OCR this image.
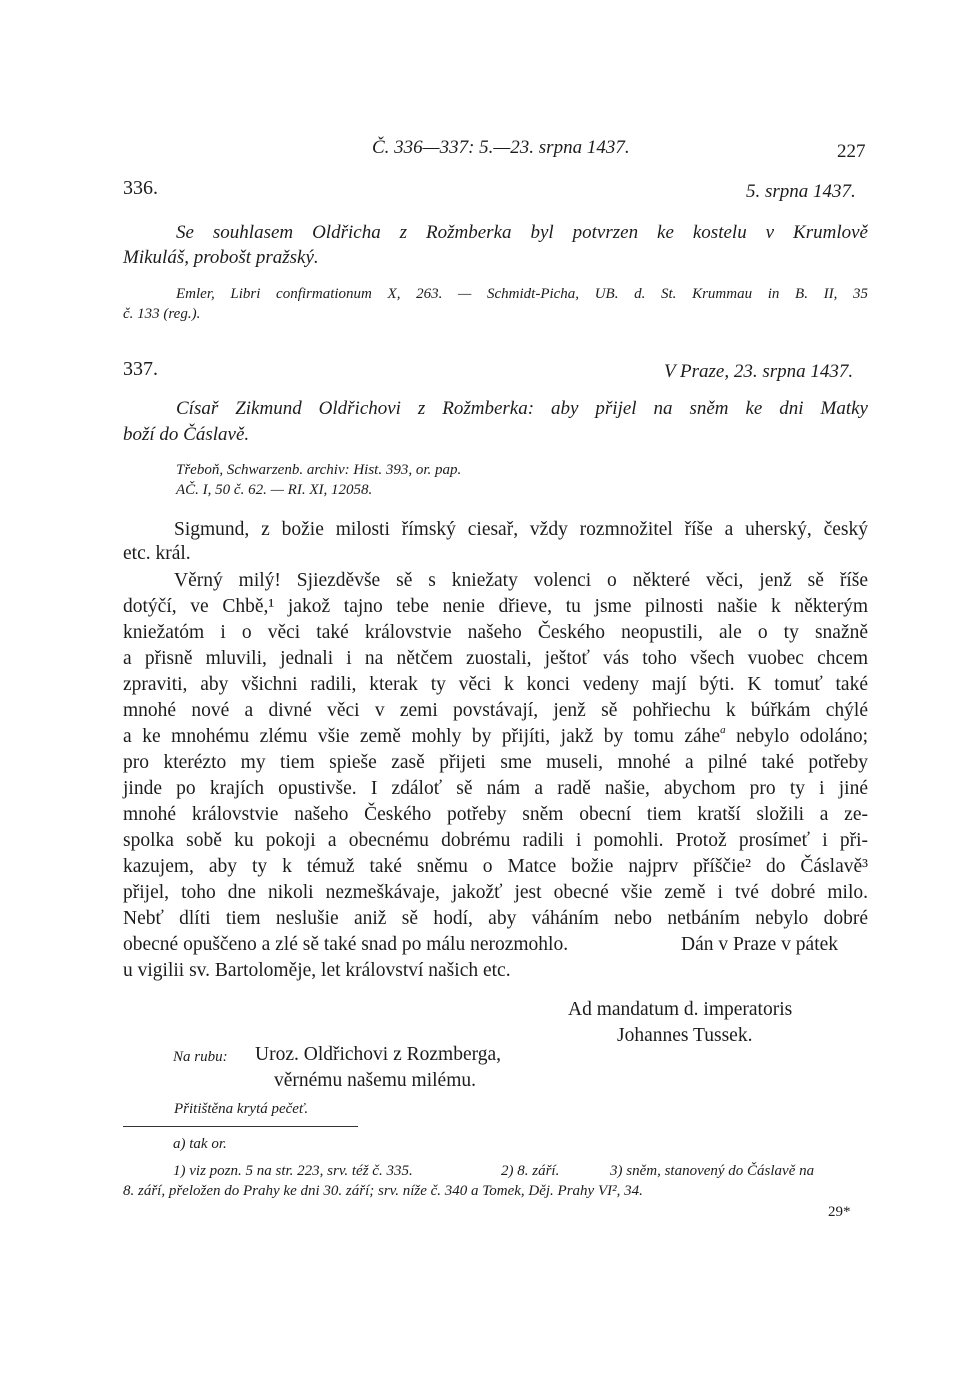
Č. 336—337: 5.—23. srpna 1437.	227
336.	5. srpna 1437.
Se souhlasem Oldřicha z Rožmberka byl potvrzen ke kostelu v Krumlově
Mikuláš, probošt pražský.
Emler, Libri confirmationum X, 263. — Schmidt-Picha, UB. d. St. Krummau in B. II, 35
č. 133 (reg.).
337.	V Praze, 23. srpna 1437.
Císař Zikmund Oldřichovi z Rožmberka: aby přijel na sněm ke dni Matky
boží do Čáslavě.
Třeboň, Schwarzenb. archiv: Hist. 393, or. pap.
AČ. I, 50 č. 62. — RI. XI, 12058.
Sigmund, z božie milosti římský ciesař, vždy rozmnožitel říše a uherský, český
etc. král.
Věrný milý! Sjiezděvše sě s kniežaty volenci o některé věci, jenž sě říše
dotýčí, ve Chbě,¹ jakož tajno tebe nenie dřieve, tu jsme pilnosti našie k některým
kniežatóm i o věci také královstvie našeho Českého neopustili, ale o ty snažně
a přisně mluvili, jednali i na nětčem zuostali, ještoť vás toho všech vuobec chcem
zpraviti, aby všichni radili, kterak ty věci k konci vedeny mají býti. K tomuť také
mnohé nové a divné věci v zemi povstávají, jenž sě pohřiechu k búřkám chýlé
a ke mnohému zlému všie země mohly by přijíti, jakž by tomu záhe$^a$ nebylo odoláno;
pro kterézto my tiem spieše zasě přijeti sme museli, mnohé a pilné také potřeby
jinde po krajích opustivše. I zdáloť sě nám a radě našie, abychom pro ty i jiné
mnohé královstvie našeho Českého potřeby sněm obecní tiem kratší složili a ze-
spolka sobě ku pokoji a obecnému dobrému radili i pomohli. Protož prosímeť i při-
kazujem, aby ty k témuž také sněmu o Matce božie najprv příščie² do Čáslavě³
přijel, toho dne nikoli nezmeškávaje, jakožť jest obecné všie země i tvé dobré milo.
Nebť dlíti tiem neslušie aniž sě hodí, aby váháním nebo netbáním nebylo dobré
obecné opuščeno a zlé sě také snad po málu nerozmohlo.	Dán v Praze v pátek
u vigilii sv. Bartoloměje, let království našich etc.
Ad mandatum d. imperatoris
Johannes Tussek.
Na rubu: Uroz. Oldřichovi z Rozmberga,
věrnému našemu milému.
Přitištěna krytá pečeť.
a) tak or.
1) viz pozn. 5 na str. 223, srv. též č. 335.	2) 8. září.	3) sněm, stanovený do Čáslavě na
8. září, přeložen do Prahy ke dni 30. září; srv. níže č. 340 a Tomek, Děj. Prahy VI², 34.
29*
